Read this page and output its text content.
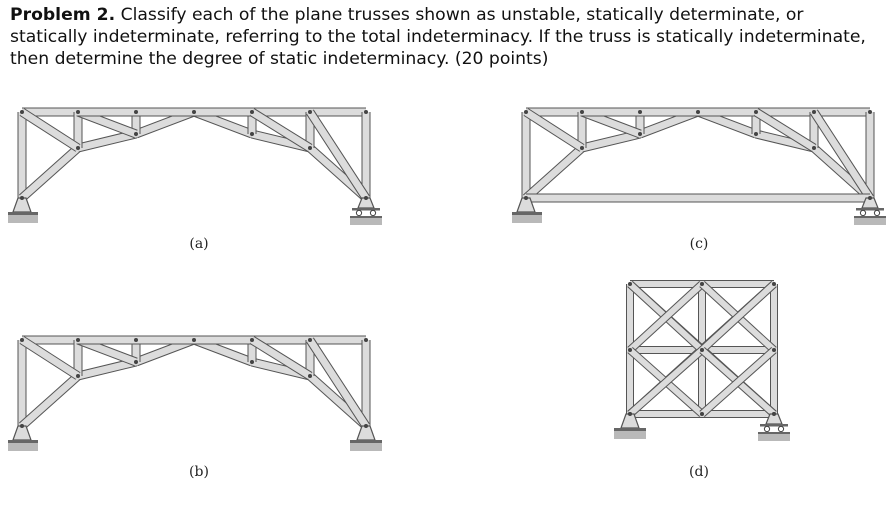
Problem 2. Classify each of the plane trusses shown as unstable, statically determinate, or statically indeterminate, referring to the total indeterminacy. If the truss is statically indeterminate, then determine the degree of static indeterminacy. (20 points)
(a)	(c)
(b)	(d)
